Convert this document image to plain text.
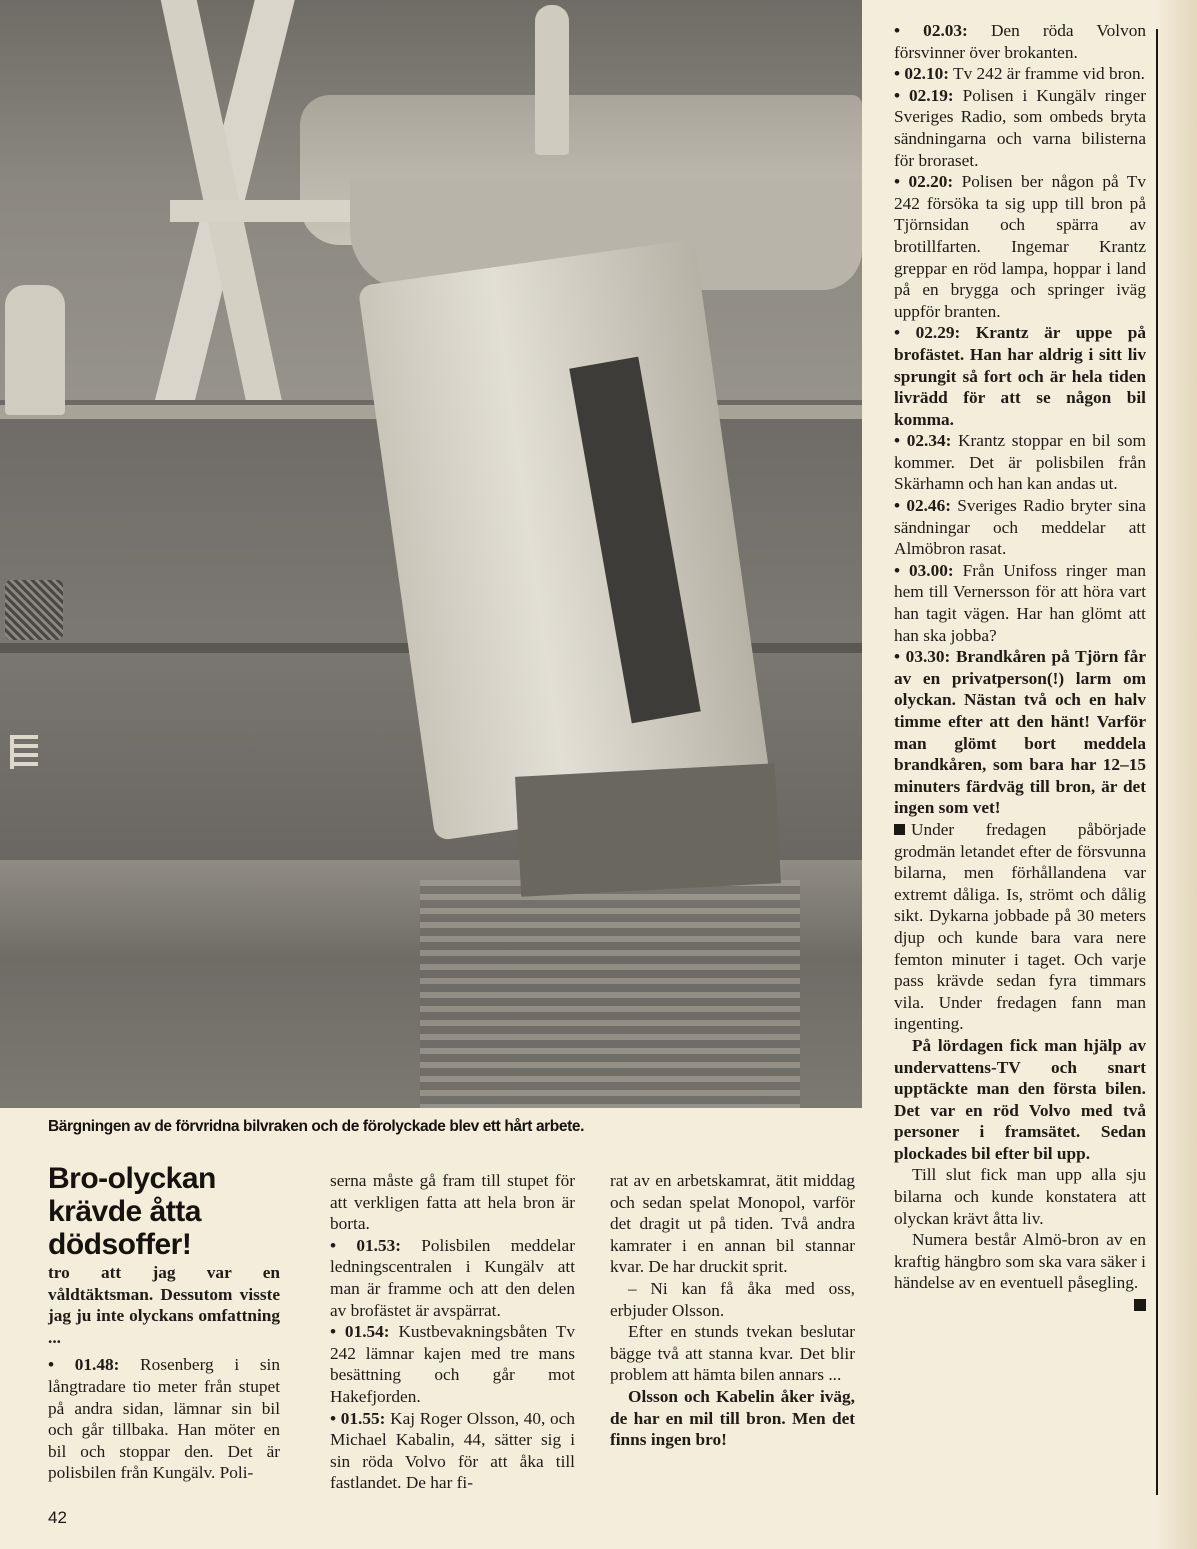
Bärgningen av de förvridna bilvraken och de förolyckade blev ett hårt arbete.
Bro-olyckan krävde åtta dödsoffer!

tro att jag var en våldtäktsman. Dessutom visste jag ju inte olyckans omfattning ...

• 01.48: Rosenberg i sin långtradare tio meter från stupet på andra sidan, lämnar sin bil och går tillbaka. Han möter en bil och stoppar den. Det är polisbilen från Kungälv. Poli-

serna måste gå fram till stupet för att verkligen fatta att hela bron är borta.

• 01.53: Polisbilen meddelar ledningscentralen i Kungälv att man är framme och att den delen av brofästet är avspärrat.

• 01.54: Kustbevakningsbåten Tv 242 lämnar kajen med tre mans besättning och går mot Hakefjorden.

• 01.55: Kaj Roger Olsson, 40, och Michael Kabalin, 44, sätter sig i sin röda Volvo för att åka till fastlandet. De har fi-

rat av en arbetskamrat, ätit middag och sedan spelat Monopol, varför det dragit ut på tiden. Två andra kamrater i en annan bil stannar kvar. De har druckit sprit.

– Ni kan få åka med oss, erbjuder Olsson.

Efter en stunds tvekan beslutar bägge två att stanna kvar. Det blir problem att hämta bilen annars ...

Olsson och Kabelin åker iväg, de har en mil till bron. Men det finns ingen bro!

• 02.03: Den röda Volvon försvinner över brokanten.

• 02.10: Tv 242 är framme vid bron.

• 02.19: Polisen i Kungälv ringer Sveriges Radio, som ombeds bryta sändningarna och varna bilisterna för broraset.

• 02.20: Polisen ber någon på Tv 242 försöka ta sig upp till bron på Tjörnsidan och spärra av brotillfarten. Ingemar Krantz greppar en röd lampa, hoppar i land på en brygga och springer iväg uppför branten.

• 02.29: Krantz är uppe på brofästet. Han har aldrig i sitt liv sprungit så fort och är hela tiden livrädd för att se någon bil komma.

• 02.34: Krantz stoppar en bil som kommer. Det är polisbilen från Skärhamn och han kan andas ut.

• 02.46: Sveriges Radio bryter sina sändningar och meddelar att Almöbron rasat.

• 03.00: Från Unifoss ringer man hem till Vernersson för att höra vart han tagit vägen. Har han glömt att han ska jobba?

• 03.30: Brandkåren på Tjörn får av en privatperson(!) larm om olyckan. Nästan två och en halv timme efter att den hänt! Varför man glömt bort meddela brandkåren, som bara har 12–15 minuters färdväg till bron, är det ingen som vet!

Under fredagen påbörjade grodmän letandet efter de försvunna bilarna, men förhållandena var extremt dåliga. Is, strömt och dålig sikt. Dykarna jobbade på 30 meters djup och kunde bara vara nere femton minuter i taget. Och varje pass krävde sedan fyra timmars vila. Under fredagen fann man ingenting.

På lördagen fick man hjälp av undervattens-TV och snart upptäckte man den första bilen. Det var en röd Volvo med två personer i framsätet. Sedan plockades bil efter bil upp.

Till slut fick man upp alla sju bilarna och kunde konstatera att olyckan krävt åtta liv.

Numera består Almö-bron av en kraftig hängbro som ska vara säker i händelse av en eventuell påsegling.

42
